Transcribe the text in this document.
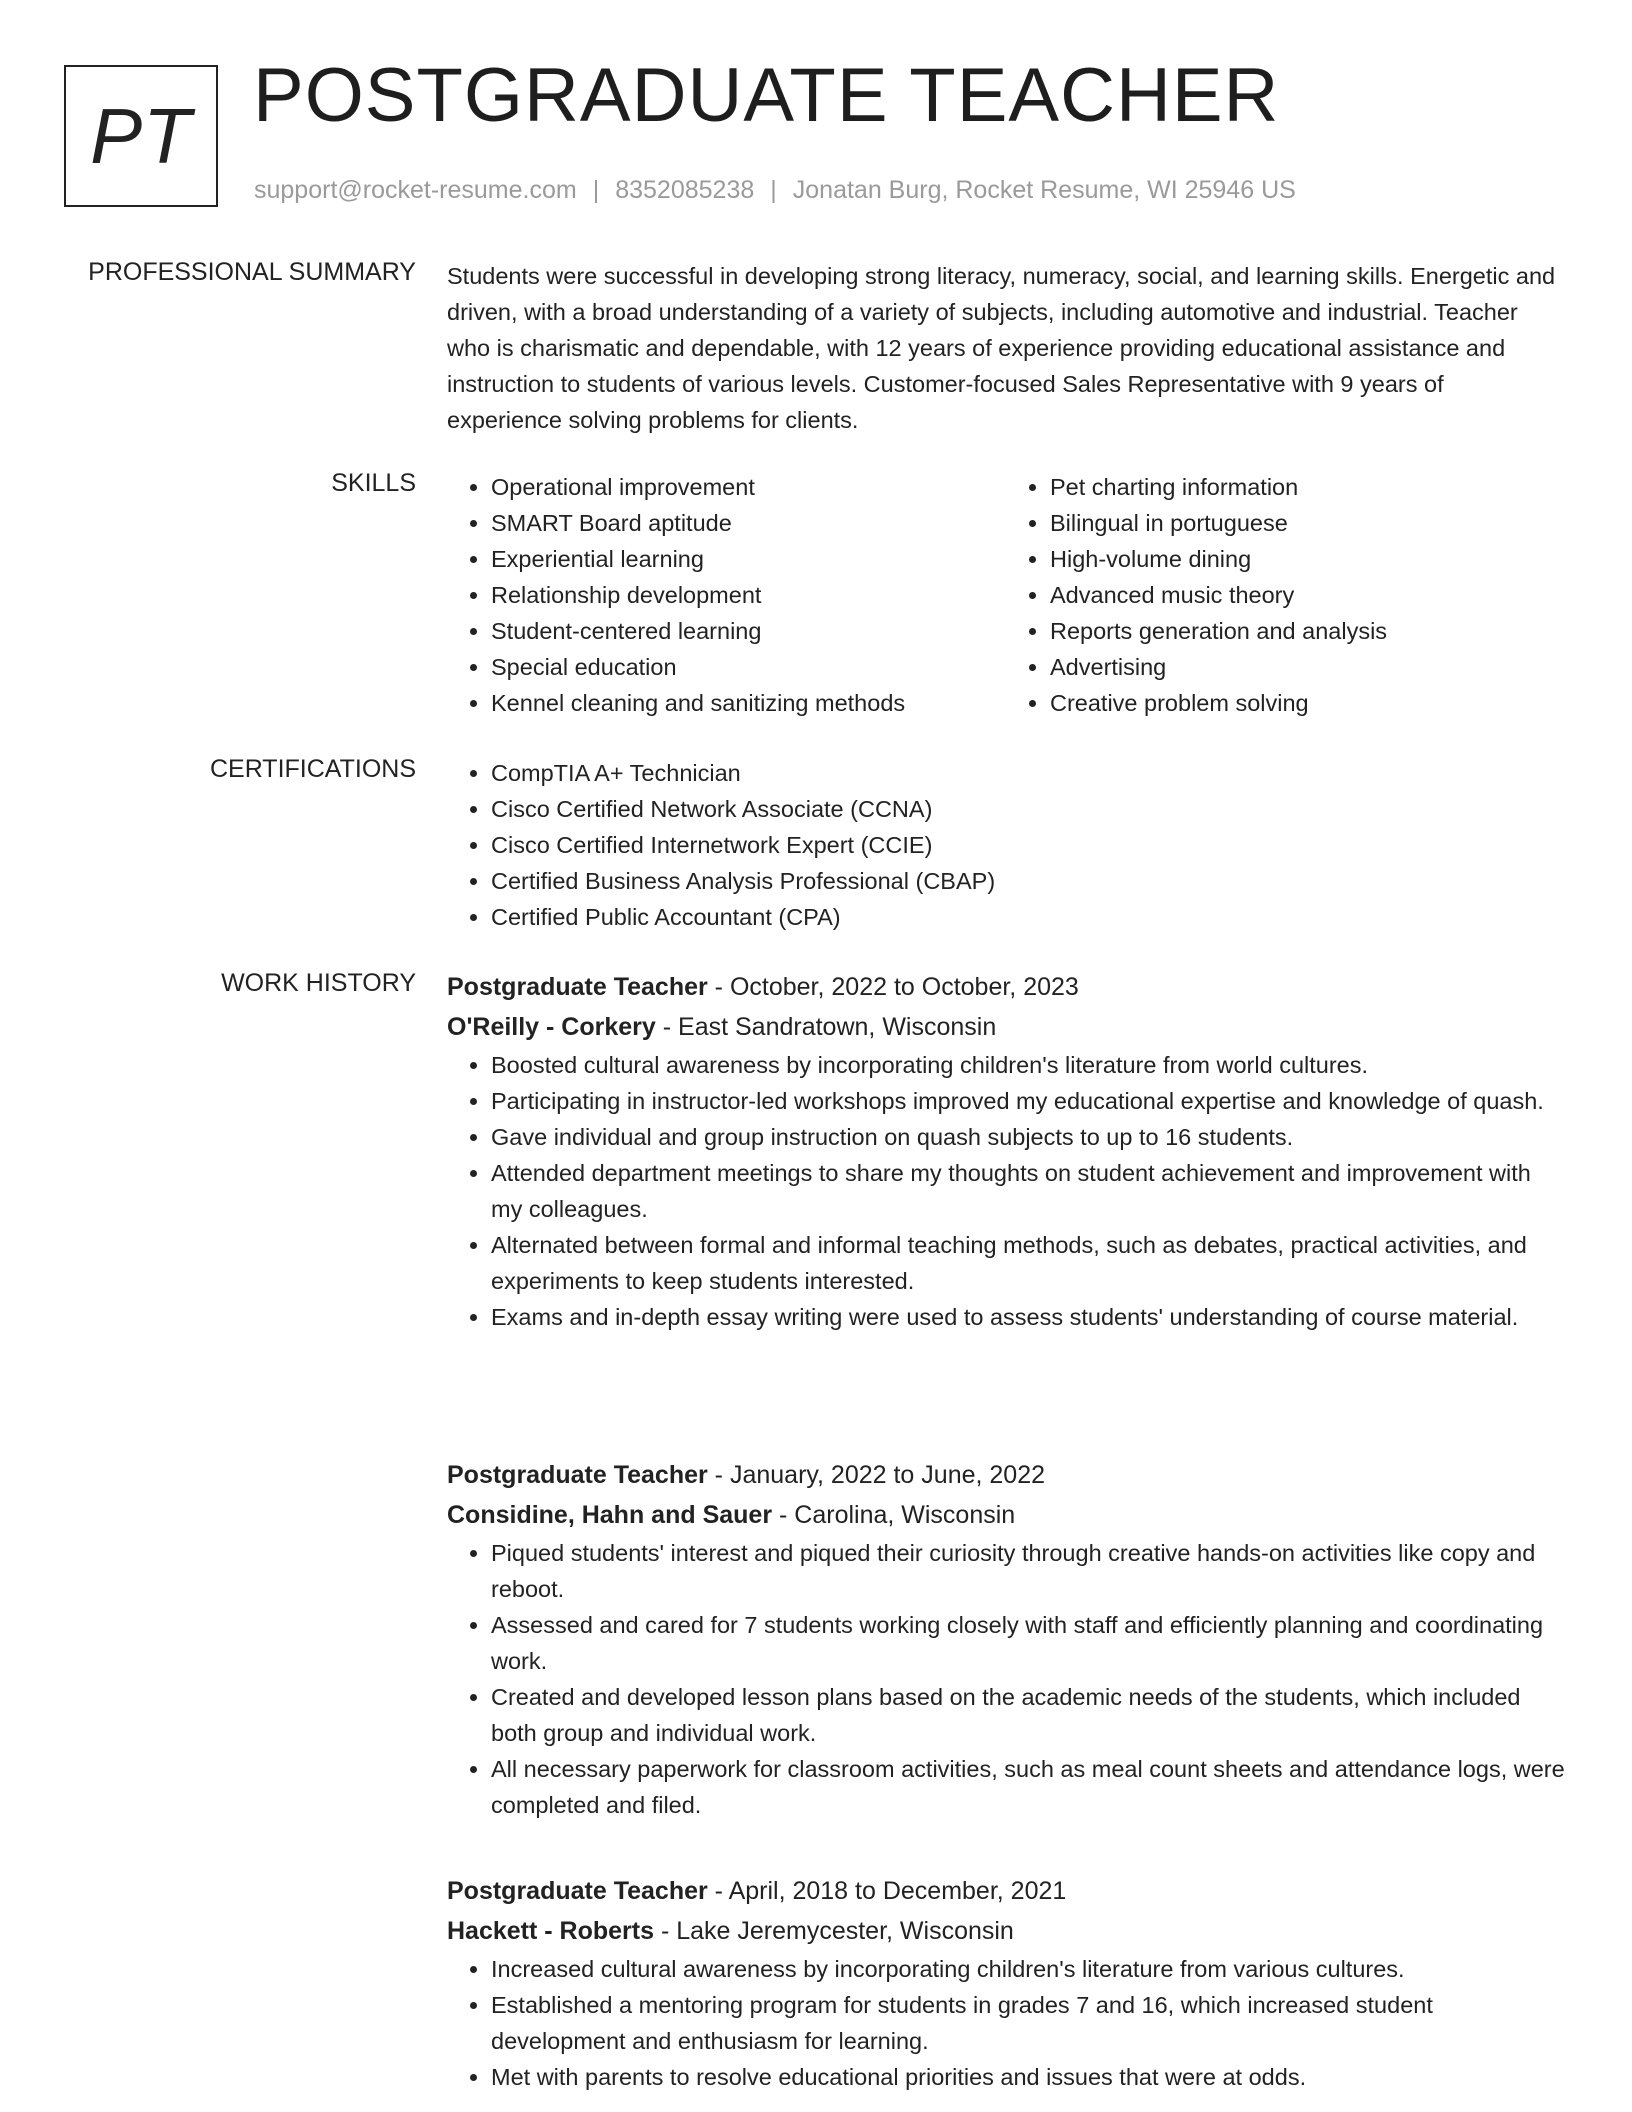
PT POSTGRADUATE TEACHER
support@rocket-resume.com | 8352085238 | Jonatan Burg, Rocket Resume, WI 25946 US
PROFESSIONAL SUMMARY Students were successful in developing strong literacy, numeracy, social, and learning skills. Energetic and driven, with a broad understanding of a variety of subjects, including automotive and industrial. Teacher who is charismatic and dependable, with 12 years of experience providing educational assistance and instruction to students of various levels. Customer-focused Sales Representative with 9 years of experience solving problems for clients.

SKILLS	• Operational improvement
• SMART Board aptitude
• Experiential learning
• Relationship development
• Student-centered learning
• Special education
• Kennel cleaning and sanitizing methods
• Pet charting information
• Bilingual in portuguese
• High-volume dining
• Advanced music theory
• Reports generation and analysis
• Advertising
• Creative problem solving
CERTIFICATIONS	• CompTIA A+ Technician
• Cisco Certified Network Associate (CCNA)
• Cisco Certified Internetwork Expert (CCIE)
• Certified Business Analysis Professional (CBAP)
• Certified Public Accountant (CPA)
WORK HISTORY Postgraduate Teacher - October, 2022 to October, 2023
O'Reilly - Corkery - East Sandratown, Wisconsin
• Boosted cultural awareness by incorporating children's literature from world cultures.
• Participating in instructor-led workshops improved my educational expertise and knowledge of quash.
• Gave individual and group instruction on quash subjects to up to 16 students.
• Attended department meetings to share my thoughts on student achievement and improvement with my colleagues.
• Alternated between formal and informal teaching methods, such as debates, practical activities, and experiments to keep students interested.
• Exams and in-depth essay writing were used to assess students' understanding of course material.
Postgraduate Teacher - January, 2022 to June, 2022
Considine, Hahn and Sauer - Carolina, Wisconsin
• Piqued students' interest and piqued their curiosity through creative hands-on activities like copy and reboot.
• Assessed and cared for 7 students working closely with staff and efficiently planning and coordinating work.
• Created and developed lesson plans based on the academic needs of the students, which included both group and individual work.
• All necessary paperwork for classroom activities, such as meal count sheets and attendance logs, were completed and filed.
Postgraduate Teacher - April, 2018 to December, 2021
Hackett - Roberts - Lake Jeremycester, Wisconsin
• Increased cultural awareness by incorporating children's literature from various cultures.
• Established a mentoring program for students in grades 7 and 16, which increased student development and enthusiasm for learning.
• Met with parents to resolve educational priorities and issues that were at odds.
